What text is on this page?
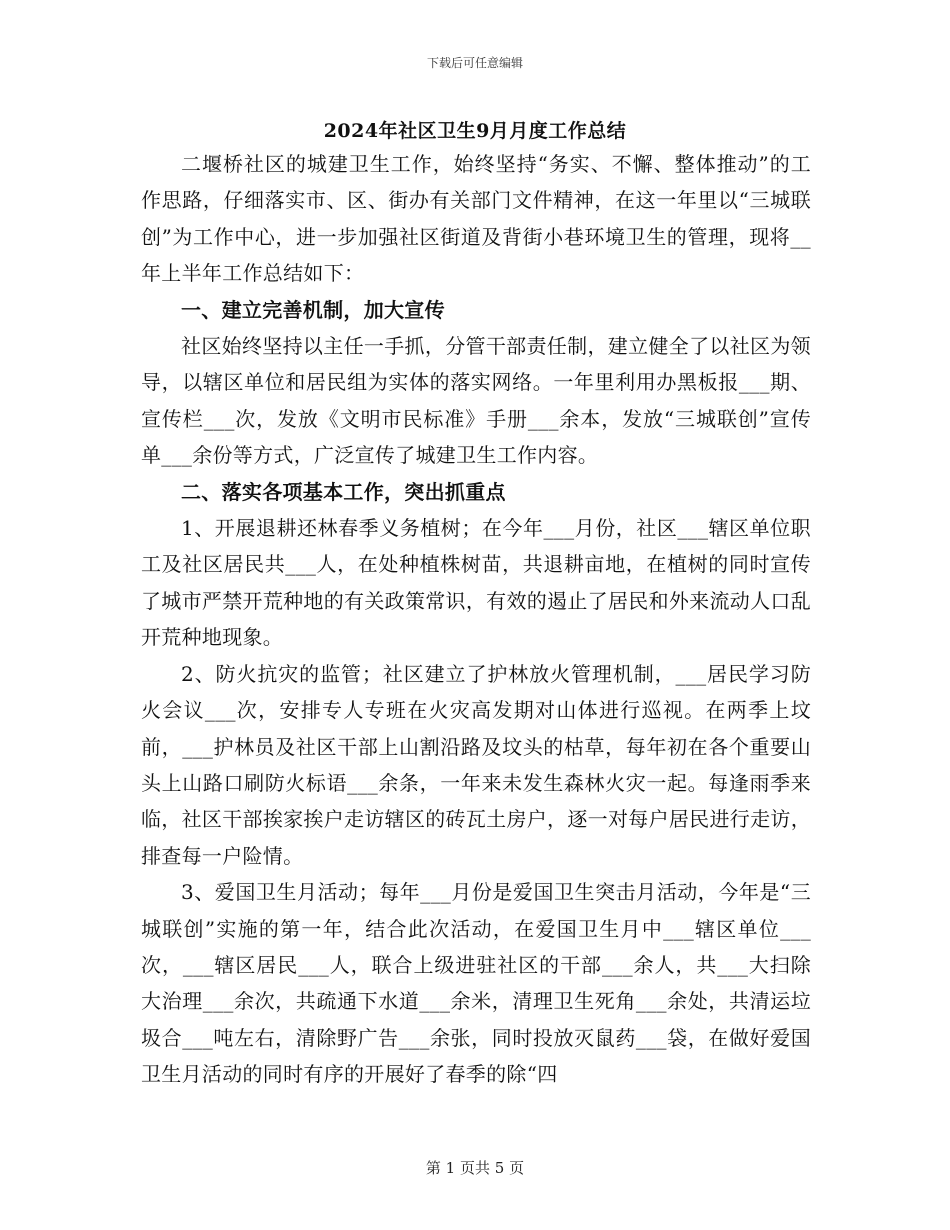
下载后可任意编辑
2024年社区卫生9月月度工作总结

二堰桥社区的城建卫生工作，始终坚持“务实、不懈、整体推动”的工作思路，仔细落实市、区、街办有关部门文件精神，在这一年里以“三城联创”为工作中心，进一步加强社区街道及背街小巷环境卫生的管理，现将__年上半年工作总结如下：

一、建立完善机制，加大宣传

社区始终坚持以主任一手抓，分管干部责任制，建立健全了以社区为领导，以辖区单位和居民组为实体的落实网络。一年里利用办黑板报___期、宣传栏___次，发放《文明市民标准》手册___余本，发放“三城联创”宣传单___余份等方式，广泛宣传了城建卫生工作内容。

二、落实各项基本工作，突出抓重点

1、开展退耕还林春季义务植树；在今年___月份，社区___辖区单位职工及社区居民共___人，在处种植株树苗，共退耕亩地，在植树的同时宣传了城市严禁开荒种地的有关政策常识，有效的遏止了居民和外来流动人口乱开荒种地现象。

2、防火抗灾的监管；社区建立了护林放火管理机制，___居民学习防火会议___次，安排专人专班在火灾高发期对山体进行巡视。在两季上坟前，___护林员及社区干部上山割沿路及坟头的枯草，每年初在各个重要山头上山路口刷防火标语___余条，一年来未发生森林火灾一起。每逢雨季来临，社区干部挨家挨户走访辖区的砖瓦土房户，逐一对每户居民进行走访，排查每一户险情。

3、爱国卫生月活动；每年___月份是爱国卫生突击月活动，今年是“三城联创”实施的第一年，结合此次活动，在爱国卫生月中___辖区单位___次，___辖区居民___人，联合上级进驻社区的干部___余人，共___大扫除大治理___余次，共疏通下水道___余米，清理卫生死角___余处，共清运垃圾合___吨左右，清除野广告___余张，同时投放灭鼠药___袋，在做好爱国卫生月活动的同时有序的开展好了春季的除“四

第 1 页共 5 页
